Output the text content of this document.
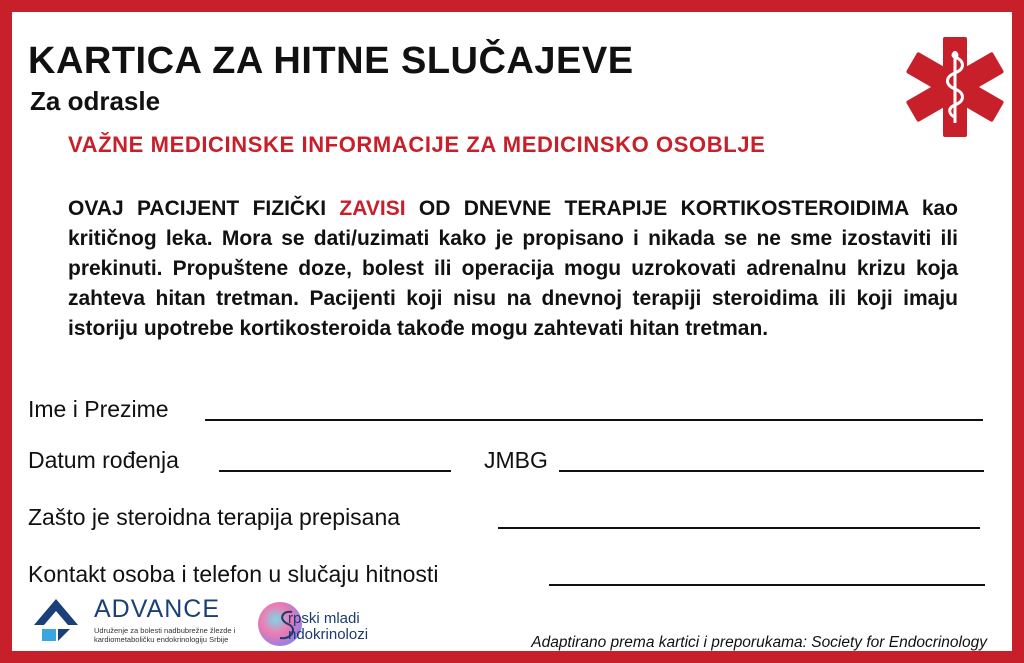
KARTICA ZA HITNE SLUČAJEVE
Za odrasle
VAŽNE MEDICINSKE INFORMACIJE ZA MEDICINSKO OSOBLJE

OVAJ PACIJENT FIZIČKI ZAVISI OD DNEVNE TERAPIJE KORTIKOSTEROIDIMA kao kritičnog leka. Mora se dati/uzimati kako je propisano i nikada se ne sme izostaviti ili prekinuti. Propuštene doze, bolest ili operacija mogu uzrokovati adrenalnu krizu koja zahteva hitan tretman. Pacijenti koji nisu na dnevnoj terapiji steroidima ili koji imaju istoriju upotrebe kortikosteroida takođe mogu zahtevati hitan tretman.

Ime i Prezime
Datum rođenja	JMBG
Zašto je steroidna terapija prepisana
Kontakt osoba i telefon u slučaju hitnosti
ADVANCE
Udruženje za bolesti nadbubrežne žlezde i kardiometaboličku endokrinologiju Srbije
rpski mladi
ndokrinolozi	Adaptirano prema kartici i preporukama: Society for Endocrinology
